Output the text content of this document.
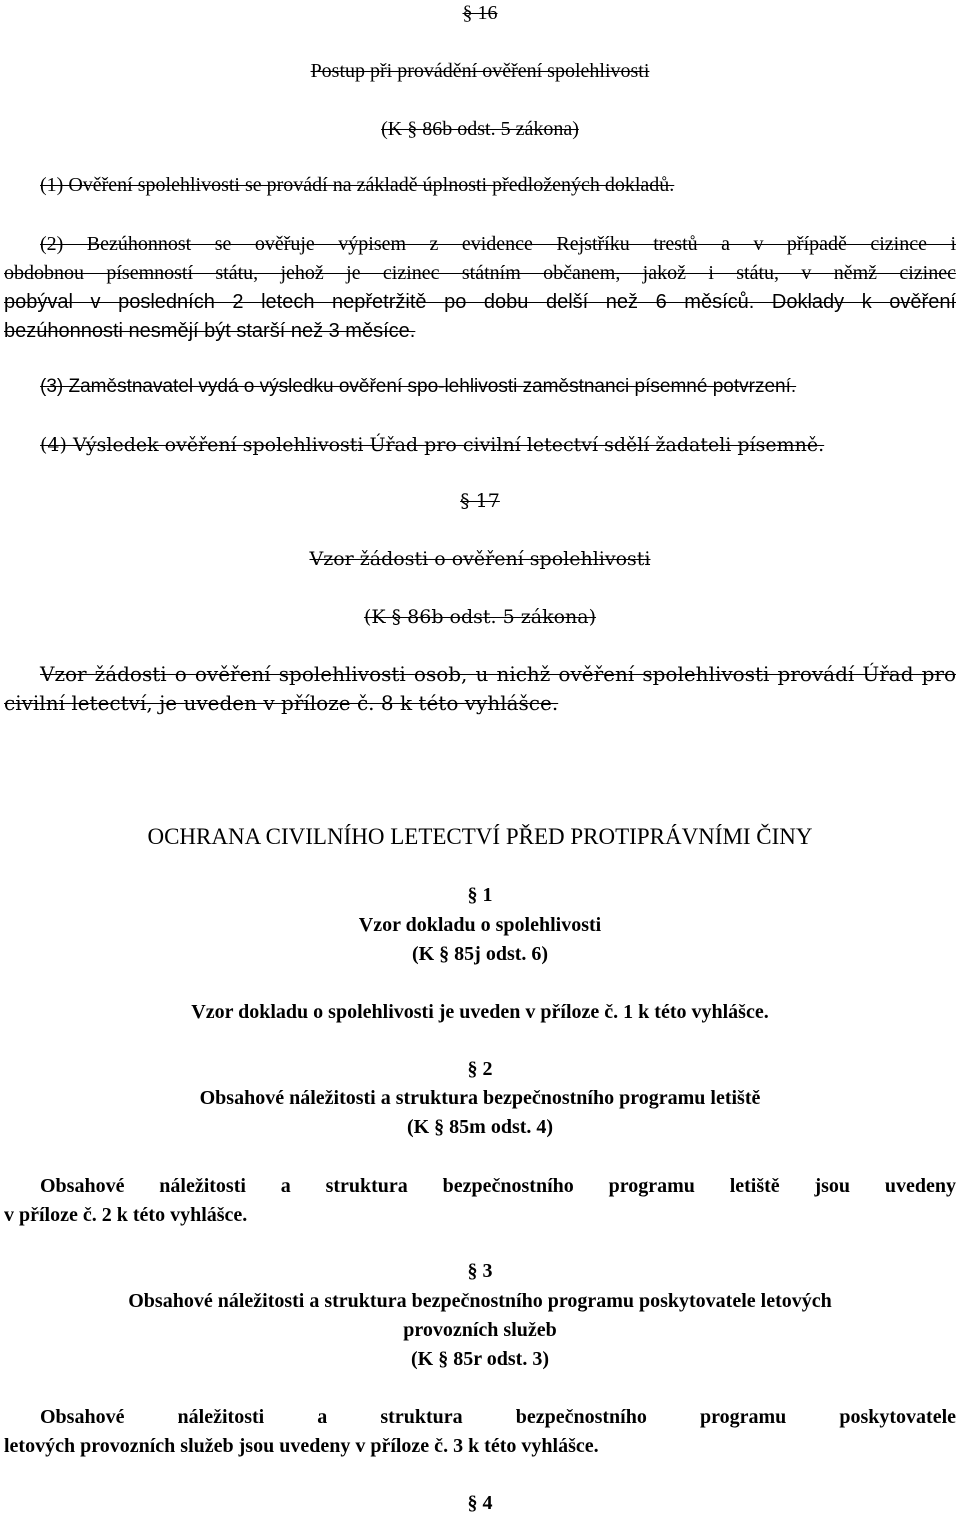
§ 16
Postup při provádění ověření spolehlivosti
(K § 86b odst. 5 zákona)
(1) Ověření spolehlivosti se provádí na základě úplnosti předložených dokladů.
(2) Bezúhonnost se ověřuje výpisem z evidence Rejstříku trestů a v případě cizince i
obdobnou písemností státu, jehož je cizinec státním občanem, jakož i státu, v němž cizinec
pobýval v posledních 2 letech nepřetržitě po dobu delší než 6 měsíců. Doklady k ověření
bezúhonnosti nesmějí být starší než 3 měsíce.
(3) Zaměstnavatel vydá o výsledku ověření spo-lehlivosti zaměstnanci písemné potvrzení.
(4) Výsledek ověření spolehlivosti Úřad pro civilní letectví sdělí žadateli písemně.
§ 17
Vzor žádosti o ověření spolehlivosti
(K § 86b odst. 5 zákona)
Vzor žádosti o ověření spolehlivosti osob, u nichž ověření spolehlivosti provádí Úřad pro
civilní letectví, je uveden v příloze č. 8 k této vyhlášce.
OCHRANA CIVILNÍHO LETECTVÍ PŘED PROTIPRÁVNÍMI ČINY
§ 1
Vzor dokladu o spolehlivosti
(K § 85j odst. 6)
Vzor dokladu o spolehlivosti je uveden v příloze č. 1 k této vyhlášce.
§ 2
Obsahové náležitosti a struktura bezpečnostního programu letiště
(K § 85m odst. 4)
Obsahové náležitosti a struktura bezpečnostního programu letiště jsou uvedeny
v příloze č. 2 k této vyhlášce.
§ 3
Obsahové náležitosti a struktura bezpečnostního programu poskytovatele letových
provozních služeb
(K § 85r odst. 3)
Obsahové náležitosti a struktura bezpečnostního programu poskytovatele
letových provozních služeb jsou uvedeny v příloze č. 3 k této vyhlášce.
§ 4
